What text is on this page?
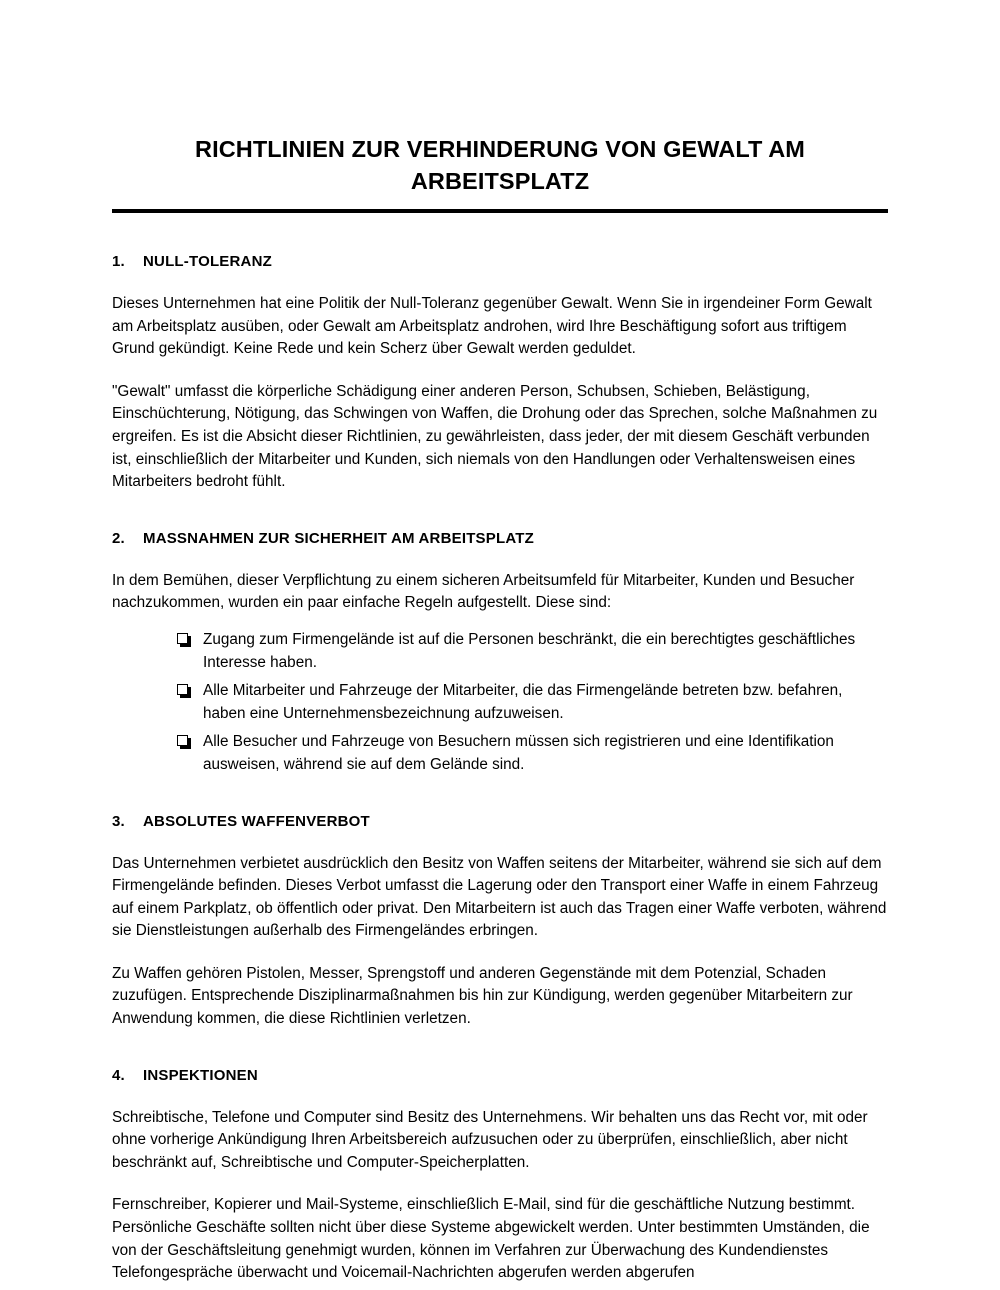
RICHTLINIEN ZUR VERHINDERUNG VON GEWALT AM ARBEITSPLATZ
1.	NULL-TOLERANZ

Dieses Unternehmen hat eine Politik der Null-Toleranz gegenüber Gewalt. Wenn Sie in irgendeiner Form Gewalt am Arbeitsplatz ausüben, oder Gewalt am Arbeitsplatz androhen, wird Ihre Beschäftigung sofort aus triftigem Grund gekündigt. Keine Rede und kein Scherz über Gewalt werden geduldet.

"Gewalt" umfasst die körperliche Schädigung einer anderen Person, Schubsen, Schieben, Belästigung, Einschüchterung, Nötigung, das Schwingen von Waffen, die Drohung oder das Sprechen, solche Maßnahmen zu ergreifen. Es ist die Absicht dieser Richtlinien, zu gewährleisten, dass jeder, der mit diesem Geschäft verbunden ist, einschließlich der Mitarbeiter und Kunden, sich niemals von den Handlungen oder Verhaltensweisen eines Mitarbeiters bedroht fühlt.

2.	MASSNAHMEN ZUR SICHERHEIT AM ARBEITSPLATZ

In dem Bemühen, dieser Verpflichtung zu einem sicheren Arbeitsumfeld für Mitarbeiter, Kunden und Besucher nachzukommen, wurden ein paar einfache Regeln aufgestellt. Diese sind:

Zugang zum Firmengelände ist auf die Personen beschränkt, die ein berechtigtes geschäftliches Interesse haben.
Alle Mitarbeiter und Fahrzeuge der Mitarbeiter, die das Firmengelände betreten bzw. befahren, haben eine Unternehmensbezeichnung aufzuweisen.
Alle Besucher und Fahrzeuge von Besuchern müssen sich registrieren und eine Identifikation ausweisen, während sie auf dem Gelände sind.
3.	ABSOLUTES WAFFENVERBOT

Das Unternehmen verbietet ausdrücklich den Besitz von Waffen seitens der Mitarbeiter, während sie sich auf dem Firmengelände befinden. Dieses Verbot umfasst die Lagerung oder den Transport einer Waffe in einem Fahrzeug auf einem Parkplatz, ob öffentlich oder privat. Den Mitarbeitern ist auch das Tragen einer Waffe verboten, während sie Dienstleistungen außerhalb des Firmengeländes erbringen.

Zu Waffen gehören Pistolen, Messer, Sprengstoff und anderen Gegenstände mit dem Potenzial, Schaden zuzufügen. Entsprechende Disziplinarmaßnahmen bis hin zur Kündigung, werden gegenüber Mitarbeitern zur Anwendung kommen, die diese Richtlinien verletzen.

4.	INSPEKTIONEN

Schreibtische, Telefone und Computer sind Besitz des Unternehmens. Wir behalten uns das Recht vor, mit oder ohne vorherige Ankündigung Ihren Arbeitsbereich aufzusuchen oder zu überprüfen, einschließlich, aber nicht beschränkt auf, Schreibtische und Computer-Speicherplatten.

Fernschreiber, Kopierer und Mail-Systeme, einschließlich E-Mail, sind für die geschäftliche Nutzung bestimmt. Persönliche Geschäfte sollten nicht über diese Systeme abgewickelt werden. Unter bestimmten Umständen, die von der Geschäftsleitung genehmigt wurden, können im Verfahren zur Überwachung des Kundendienstes Telefongespräche überwacht und Voicemail-Nachrichten abgerufen werden abgerufen
